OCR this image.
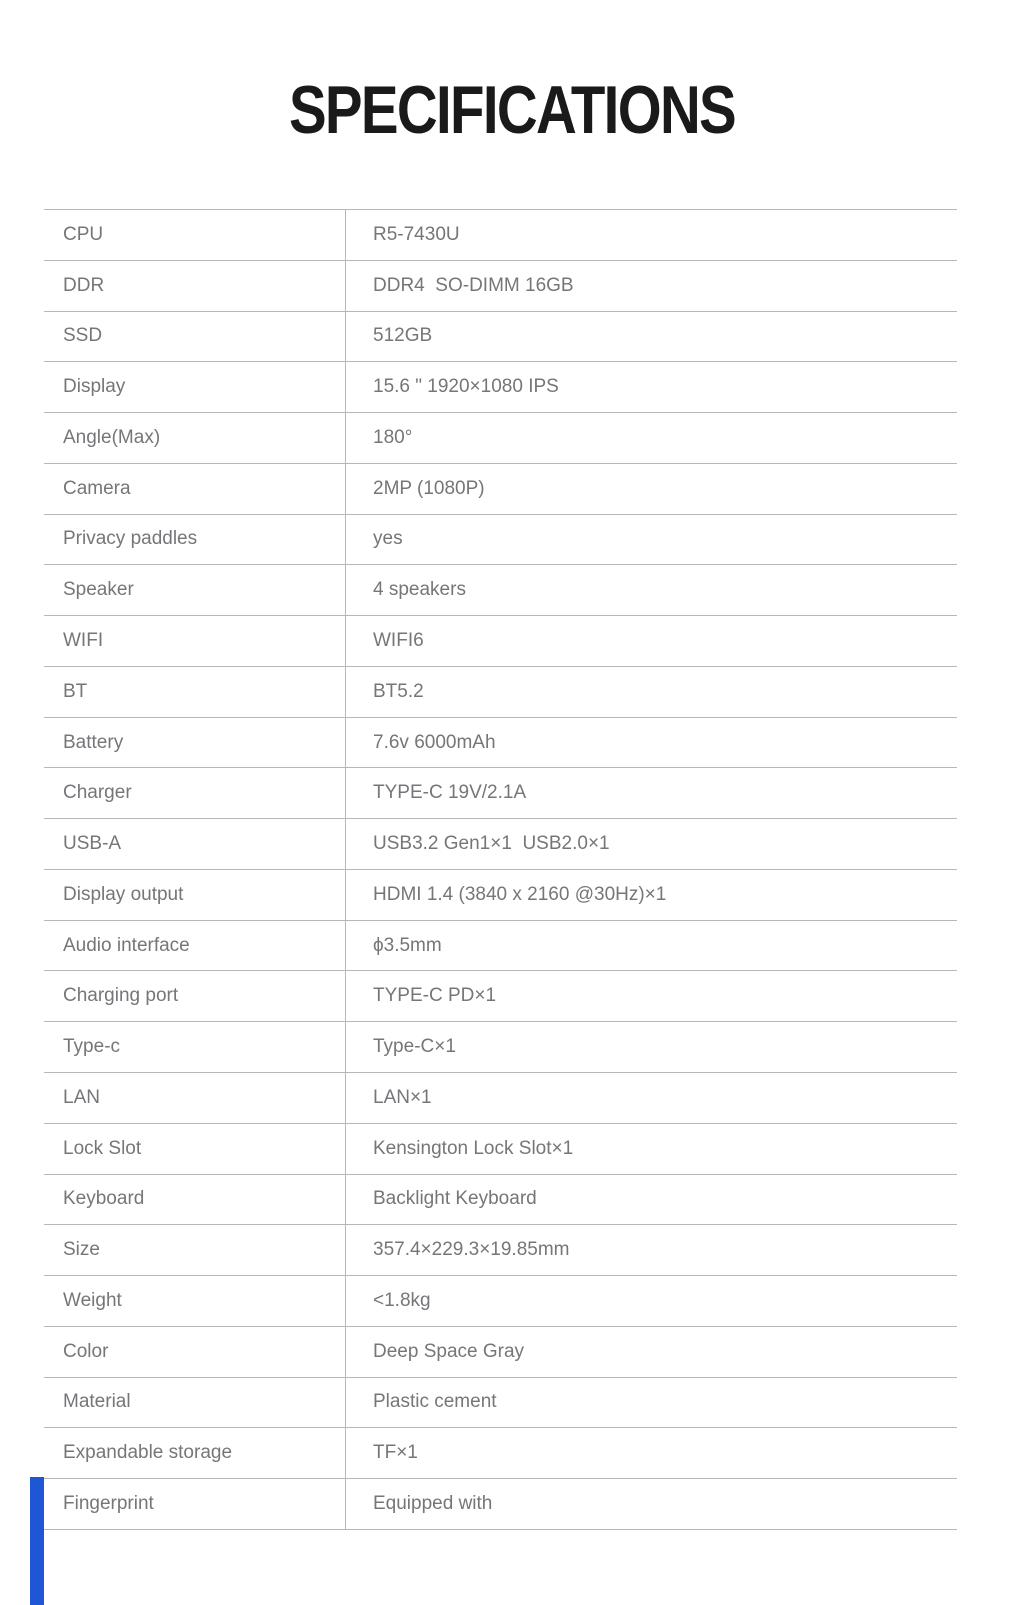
SPECIFICATIONS
CPU	R5-7430U
DDR	DDR4  SO-DIMM 16GB
SSD	512GB
Display	15.6 " 1920×1080 IPS
Angle(Max)	180°
Camera	2MP (1080P)
Privacy paddles	yes
Speaker	4 speakers
WIFI	WIFI6
BT	BT5.2
Battery	7.6v 6000mAh
Charger	TYPE-C 19V/2.1A
USB-A	USB3.2 Gen1×1  USB2.0×1
Display output	HDMI 1.4 (3840 x 2160 @30Hz)×1
Audio interface	ϕ3.5mm
Charging port	TYPE-C PD×1
Type-c	Type-C×1
LAN	LAN×1
Lock Slot	Kensington Lock Slot×1
Keyboard	Backlight Keyboard
Size	357.4×229.3×19.85mm
Weight	<1.8kg
Color	Deep Space Gray
Material	Plastic cement
Expandable storage	TF×1
Fingerprint	Equipped with
